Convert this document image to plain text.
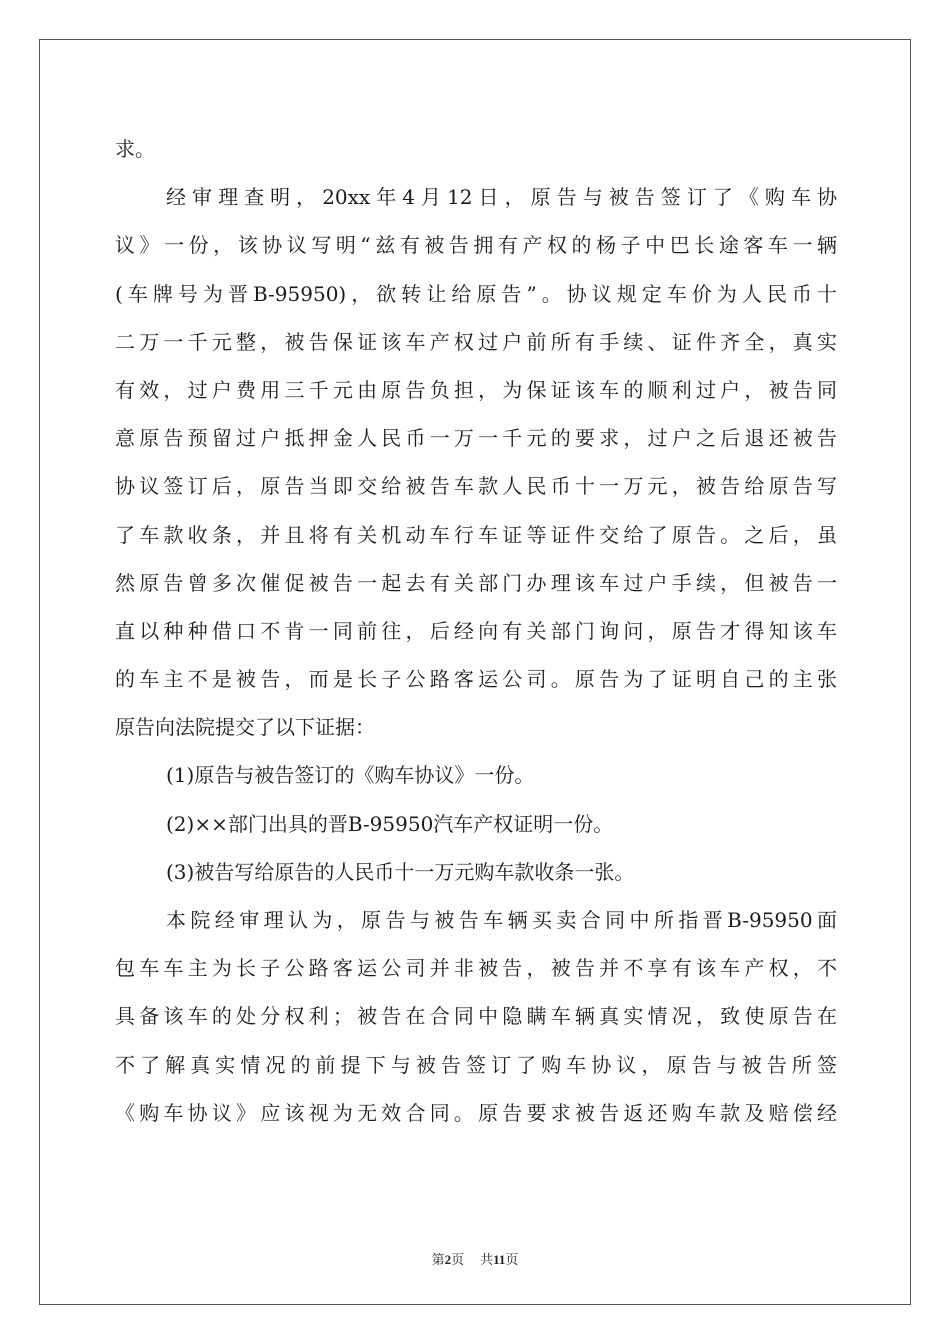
求。
经审理查明，20xx年4月12日，原告与被告签订了《购车协
议》一份，该协议写明“兹有被告拥有产权的杨子中巴长途客车一辆
(车牌号为晋B-95950)，欲转让给原告”。协议规定车价为人民币十
二万一千元整，被告保证该车产权过户前所有手续、证件齐全，真实
有效，过户费用三千元由原告负担，为保证该车的顺利过户，被告同
意原告预留过户抵押金人民币一万一千元的要求，过户之后退还被告
协议签订后，原告当即交给被告车款人民币十一万元，被告给原告写
了车款收条，并且将有关机动车行车证等证件交给了原告。之后，虽
然原告曾多次催促被告一起去有关部门办理该车过户手续，但被告一
直以种种借口不肯一同前往，后经向有关部门询问，原告才得知该车
的车主不是被告，而是长子公路客运公司。原告为了证明自己的主张
原告向法院提交了以下证据：
(1)原告与被告签订的《购车协议》一份。
(2)××部门出具的晋B-95950汽车产权证明一份。
(3)被告写给原告的人民币十一万元购车款收条一张。
本院经审理认为，原告与被告车辆买卖合同中所指晋B-95950面
包车车主为长子公路客运公司并非被告，被告并不享有该车产权，不
具备该车的处分权利；被告在合同中隐瞒车辆真实情况，致使原告在
不了解真实情况的前提下与被告签订了购车协议，原告与被告所签
《购车协议》应该视为无效合同。原告要求被告返还购车款及赔偿经
第2页 共11页
